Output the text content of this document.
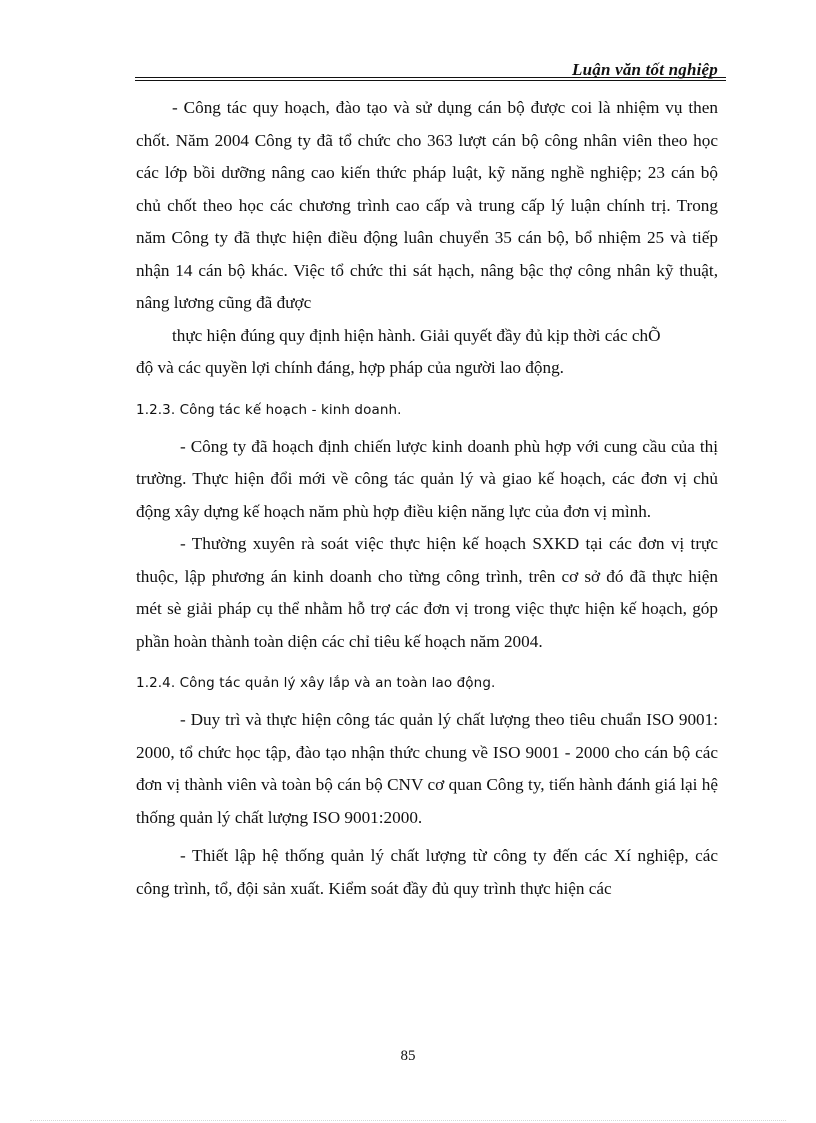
Luận văn tốt nghiệp

- Công tác quy hoạch, đào tạo và sử dụng cán bộ được coi là nhiệm vụ then chốt. Năm 2004 Công ty đã tổ chức cho 363 lượt cán bộ công nhân viên theo học các lớp bồi dưỡng nâng cao kiến thức pháp luật, kỹ năng nghề nghiệp; 23 cán bộ chủ chốt theo học các chương trình cao cấp và trung cấp lý luận chính trị. Trong năm Công ty đã thực hiện điều động luân chuyển 35 cán bộ, bổ nhiệm 25 và tiếp nhận 14 cán bộ khác. Việc tổ chức thi sát hạch, nâng bậc thợ công nhân kỹ thuật, nâng lương cũng đã được

thực hiện đúng quy định hiện hành. Giải quyết đầy đủ kịp thời các chÕ
độ và các quyền lợi chính đáng, hợp pháp của người lao động.

1.2.3. Công tác kế hoạch - kinh doanh.

- Công ty đã hoạch định chiến lược kinh doanh phù hợp với cung cầu của thị trường. Thực hiện đổi mới về công tác quản lý và giao kế hoạch, các đơn vị chủ động xây dựng kế hoạch năm phù hợp điều kiện năng lực của đơn vị mình.

- Thường xuyên rà soát việc thực hiện kế hoạch SXKD tại các đơn vị trực thuộc, lập phương án kinh doanh cho từng công trình, trên cơ sở đó đã thực hiện mét sè giải pháp cụ thể nhằm hỗ trợ các đơn vị trong việc thực hiện kế hoạch, góp phần hoàn thành toàn diện các chỉ tiêu kế hoạch năm 2004.

1.2.4. Công tác quản lý xây lắp và an toàn lao động.

- Duy trì và thực hiện công tác quản lý chất lượng theo tiêu chuẩn ISO 9001: 2000, tổ chức học tập, đào tạo nhận thức chung về ISO 9001 - 2000 cho cán bộ các đơn vị thành viên và toàn bộ cán bộ CNV cơ quan Công ty, tiến hành đánh giá lại hệ thống quản lý chất lượng ISO 9001:2000.

- Thiết lập hệ thống quản lý chất lượng từ công ty đến các Xí nghiệp, các công trình, tổ, đội sản xuất. Kiểm soát đầy đủ quy trình thực hiện các

85
